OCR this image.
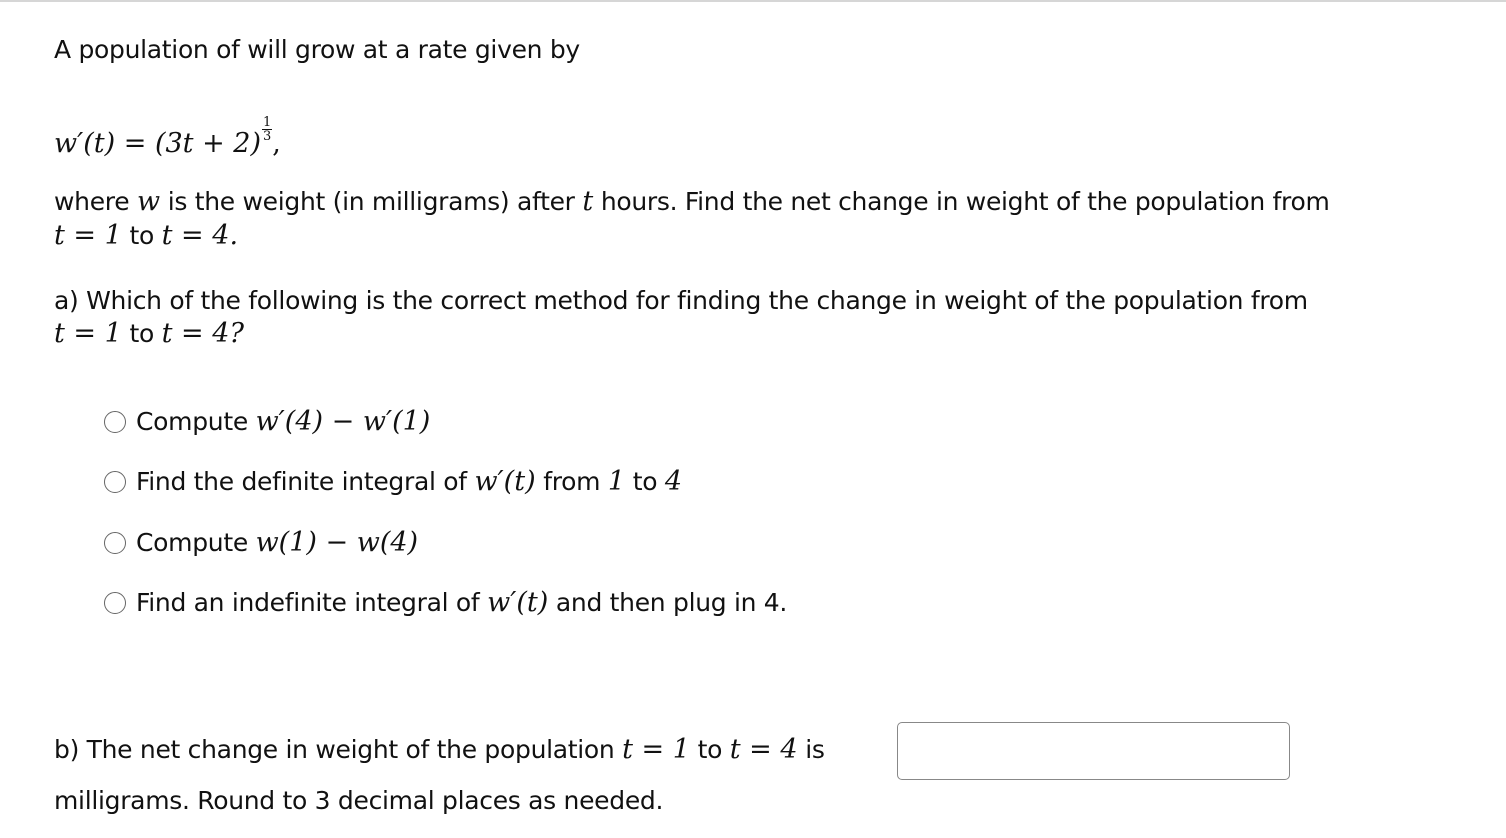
A population of will grow at a rate given by
$w'(t) = (3t + 2) \frac{1}{3}$ ,
where w is the weight (in milligrams) after t hours. Find the net change in weight of the population from
t = 1 to t = 4.
a) Which of the following is the correct method for finding the change in weight of the population from
t = 1 to t = 4?
Compute w′(4) − w′(1)
Find the definite integral of w′(t) from 1 to 4
Compute w(1) − w(4)
Find an indefinite integral of w′(t) and then plug in 4.
b) The net change in weight of the population t = 1 to t = 4 is
milligrams. Round to 3 decimal places as needed.
